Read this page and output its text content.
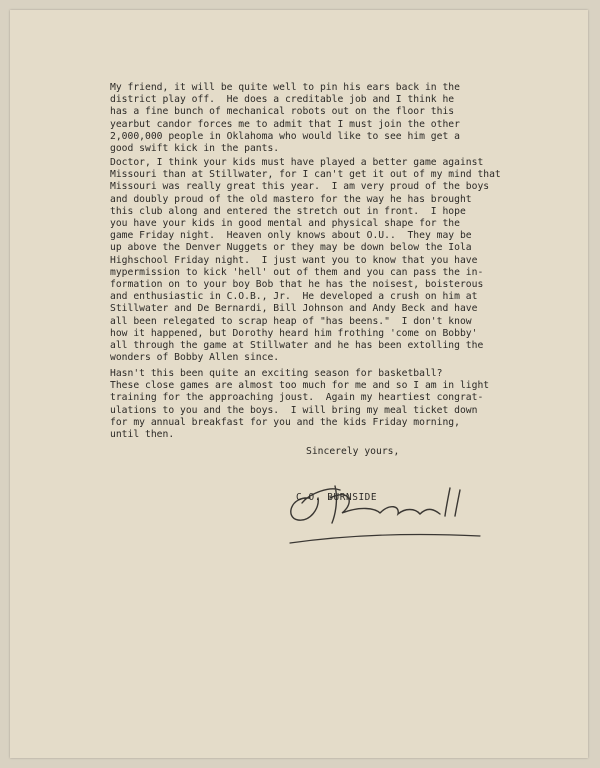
My friend, it will be quite well to pin his ears back in the
district play off.  He does a creditable job and I think he
has a fine bunch of mechanical robots out on the floor this
yearbut candor forces me to admit that I must join the other
2,000,000 people in Oklahoma who would like to see him get a
good swift kick in the pants.
Doctor, I think your kids must have played a better game against
Missouri than at Stillwater, for I can't get it out of my mind that
Missouri was really great this year.  I am very proud of the boys
and doubly proud of the old mastero for the way he has brought
this club along and entered the stretch out in front.  I hope
you have your kids in good mental and physical shape for the
game Friday night.  Heaven only knows about O.U..  They may be
up above the Denver Nuggets or they may be down below the Iola
Highschool Friday night.  I just want you to know that you have
mypermission to kick 'hell' out of them and you can pass the in-
formation on to your boy Bob that he has the noisest, boisterous
and enthusiastic in C.O.B., Jr.  He developed a crush on him at
Stillwater and De Bernardi, Bill Johnson and Andy Beck and have
all been relegated to scrap heap of "has beens."  I don't know
how it happened, but Dorothy heard him frothing 'come on Bobby'
all through the game at Stillwater and he has been extolling the
wonders of Bobby Allen since.
Hasn't this been quite an exciting season for basketball?
These close games are almost too much for me and so I am in light
training for the approaching joust.  Again my heartiest congrat-
ulations to you and the boys.  I will bring my meal ticket down
for my annual breakfast for you and the kids Friday morning,
until then.
Sincerely yours,
C.O. BURNSIDE
